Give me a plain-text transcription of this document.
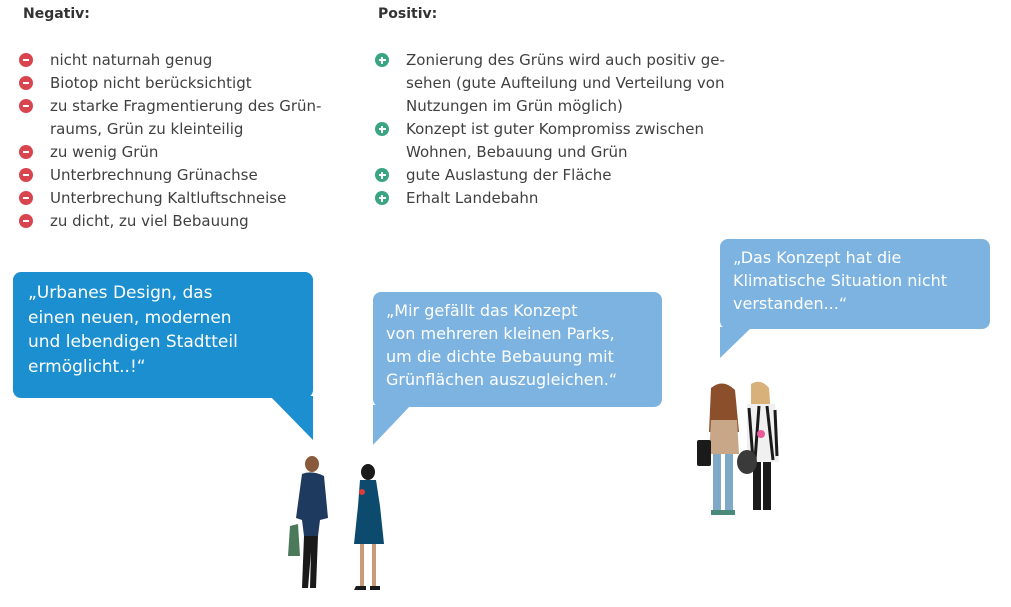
Negativ:	Positiv:
nicht naturnah genug
Biotop nicht berücksichtigt
zu starke Fragmentierung des Grün-
raums, Grün zu kleinteilig
zu wenig Grün
Unterbrechnung Grünachse
Unterbrechung Kaltluftschneise
zu dicht, zu viel Bebauung
Zonierung des Grüns wird auch positiv ge-
sehen (gute Aufteilung und Verteilung von
Nutzungen im Grün möglich)
Konzept ist guter Kompromiss zwischen
Wohnen, Bebauung und Grün
gute Auslastung der Fläche
Erhalt Landebahn
„Urbanes Design, das
einen neuen, modernen
und lebendigen Stadtteil
ermöglicht..!“
„Mir gefällt das Konzept
von mehreren kleinen Parks,
um die dichte Bebauung mit
Grünflächen auszugleichen.“
„Das Konzept hat die
Klimatische Situation nicht
verstanden...“
